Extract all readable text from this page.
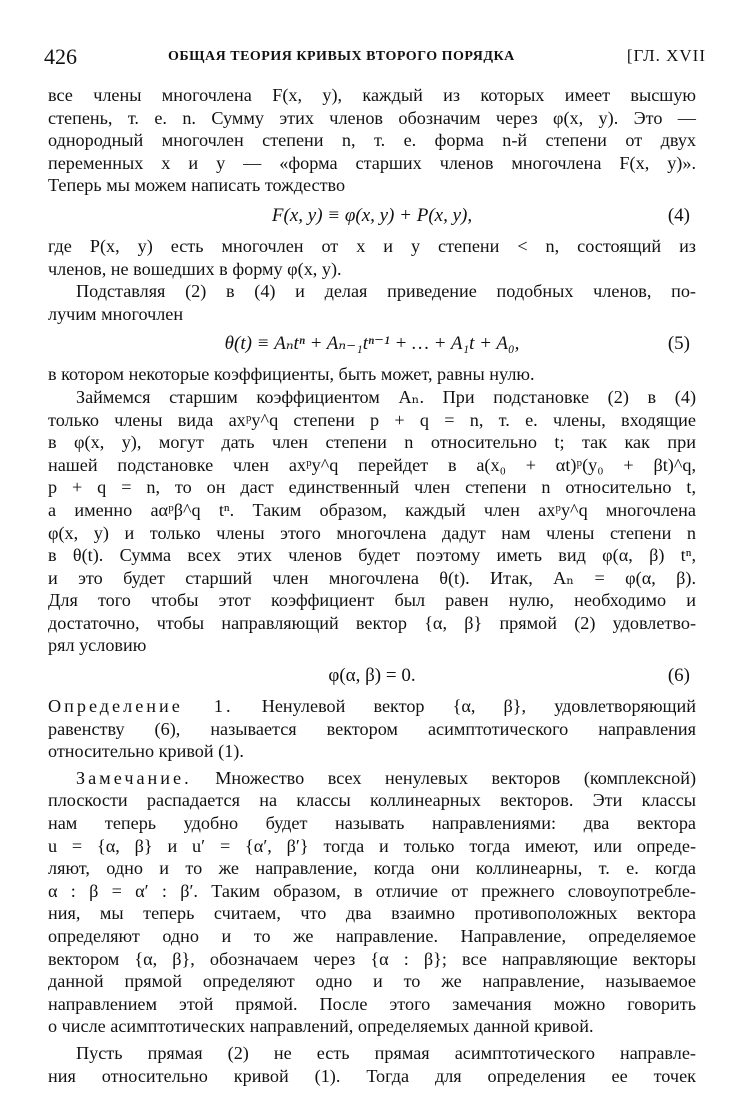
426	ОБЩАЯ ТЕОРИЯ КРИВЫХ ВТОРОГО ПОРЯДКА	[ГЛ. XVII

все члены многочлена F(x, y), каждый из которых имеет высшую
степень, т. е. n. Сумму этих членов обозначим через φ(x, y). Это —
однородный многочлен степени n, т. е. форма n-й степени от двух
переменных x и y — «форма старших членов многочлена F(x, y)».
Теперь мы можем написать тождество

F(x, y) ≡ φ(x, y) + P(x, y),	(4)

где P(x, y) есть многочлен от x и y степени < n, состоящий из
членов, не вошедших в форму φ(x, y).

Подставляя (2) в (4) и делая приведение подобных членов, по-
лучим многочлен

θ(t) ≡ Aₙtⁿ + Aₙ₋₁tⁿ⁻¹ + … + A₁t + A₀,	(5)

в котором некоторые коэффициенты, быть может, равны нулю.

Займемся старшим коэффициентом Aₙ. При подстановке (2) в (4)
только члены вида axᵖy^q степени p + q = n, т. е. члены, входящие
в φ(x, y), могут дать член степени n относительно t; так как при
нашей подстановке член axᵖy^q перейдет в a(x₀ + αt)ᵖ(y₀ + βt)^q,
p + q = n, то он даст единственный член степени n относительно t,
а именно aαᵖβ^q tⁿ. Таким образом, каждый член axᵖy^q многочлена
φ(x, y) и только члены этого многочлена дадут нам члены степени n
в θ(t). Сумма всех этих членов будет поэтому иметь вид φ(α, β) tⁿ,
и это будет старший член многочлена θ(t). Итак, Aₙ = φ(α, β).
Для того чтобы этот коэффициент был равен нулю, необходимо и
достаточно, чтобы направляющий вектор {α, β} прямой (2) удовлетво-
рял условию

φ(α, β) = 0.	(6)

Определение 1. Ненулевой вектор {α, β}, удовлетворяющий
равенству (6), называется вектором асимптотического направления
относительно кривой (1).

Замечание. Множество всех ненулевых векторов (комплексной)
плоскости распадается на классы коллинеарных векторов. Эти классы
нам теперь удобно будет называть направлениями: два вектора
u = {α, β} и u′ = {α′, β′} тогда и только тогда имеют, или опреде-
ляют, одно и то же направление, когда они коллинеарны, т. е. когда
α : β = α′ : β′. Таким образом, в отличие от прежнего словоупотребле-
ния, мы теперь считаем, что два взаимно противоположных вектора
определяют одно и то же направление. Направление, определяемое
вектором {α, β}, обозначаем через {α : β}; все направляющие векторы
данной прямой определяют одно и то же направление, называемое
направлением этой прямой. После этого замечания можно говорить
о числе асимптотических направлений, определяемых данной кривой.

Пусть прямая (2) не есть прямая асимптотического направле-
ния относительно кривой (1). Тогда для определения ее точек
